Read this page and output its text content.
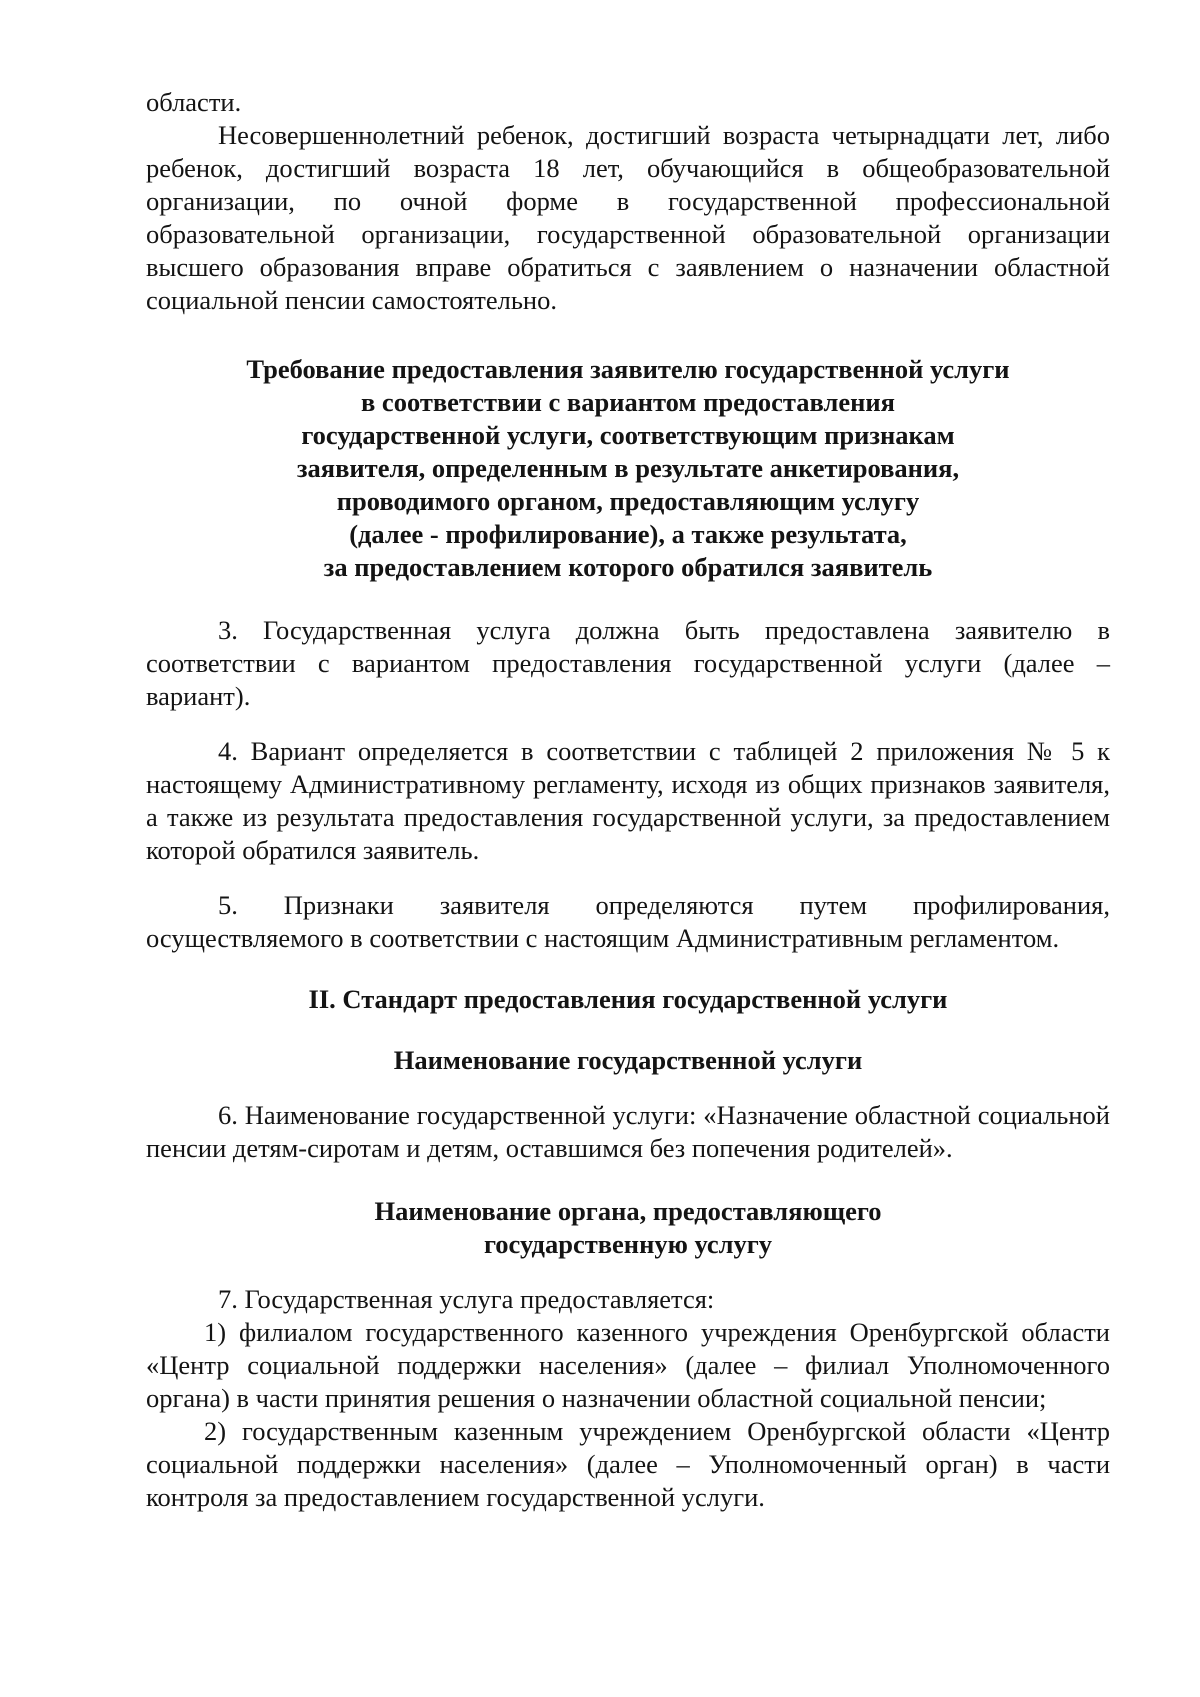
области.

Несовершеннолетний ребенок, достигший возраста четырнадцати лет, либо ребенок, достигший возраста 18 лет, обучающийся в общеобразовательной организации, по очной форме в государственной профессиональной образовательной организации, государственной образовательной организации высшего образования вправе обратиться с заявлением о назначении областной социальной пенсии самостоятельно.

Требование предоставления заявителю государственной услуги
в соответствии с вариантом предоставления
государственной услуги, соответствующим признакам
заявителя, определенным в результате анкетирования,
проводимого органом, предоставляющим услугу
(далее - профилирование), а также результата,
за предоставлением которого обратился заявитель

3. Государственная услуга должна быть предоставлена заявителю в соответствии с вариантом предоставления государственной услуги (далее – вариант).

4. Вариант определяется в соответствии с таблицей 2 приложения № 5 к настоящему Административному регламенту, исходя из общих признаков заявителя, а также из результата предоставления государственной услуги, за предоставлением которой обратился заявитель.

5. Признаки заявителя определяются путем профилирования, осуществляемого в соответствии с настоящим Административным регламентом.

II. Стандарт предоставления государственной услуги
Наименование государственной услуги

6. Наименование государственной услуги: «Назначение областной социальной пенсии детям-сиротам и детям, оставшимся без попечения родителей».

Наименование органа, предоставляющего
государственную услугу

7. Государственная услуга предоставляется:

1) филиалом государственного казенного учреждения Оренбургской области «Центр социальной поддержки населения» (далее – филиал Уполномоченного органа) в части принятия решения о назначении областной социальной пенсии;

2) государственным казенным учреждением Оренбургской области «Центр социальной поддержки населения» (далее – Уполномоченный орган) в части контроля за предоставлением государственной услуги.
